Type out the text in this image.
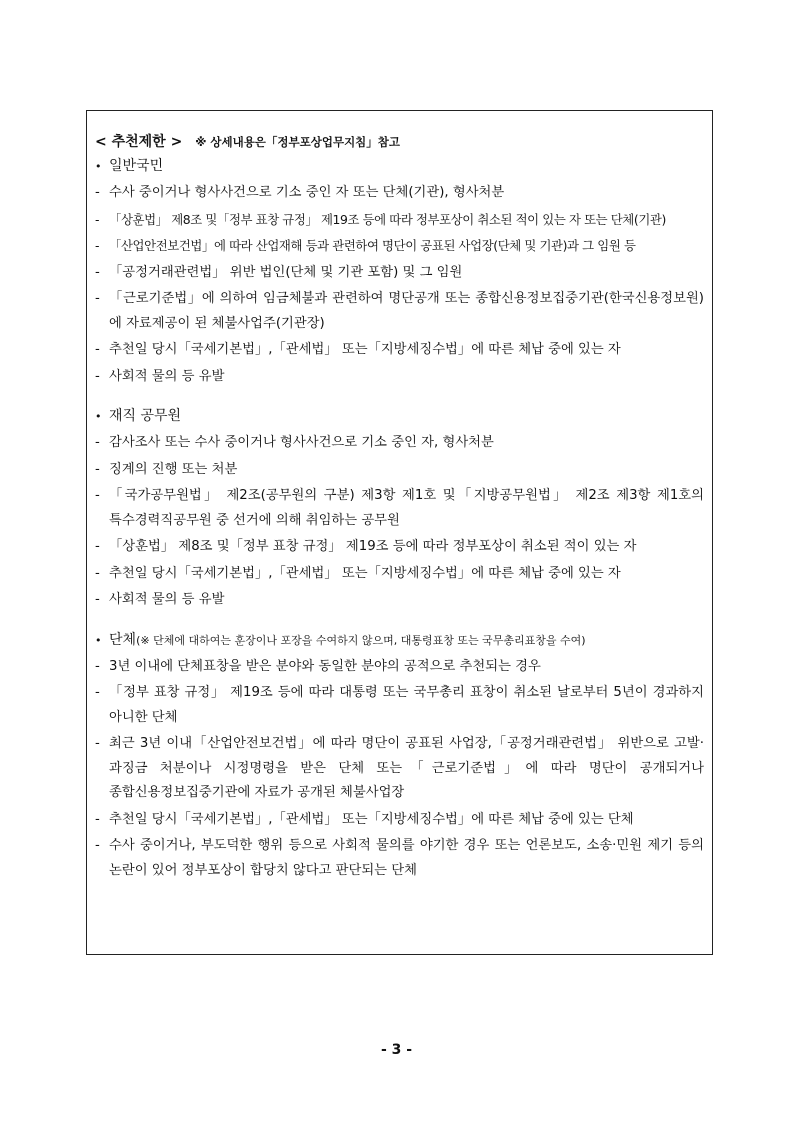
< 추천제한 > ※ 상세내용은「정부포상업무지침」참고
• 일반국민
- 수사 중이거나 형사사건으로 기소 중인 자 또는 단체(기관), 형사처분
- 「상훈법」 제8조 및「정부 표창 규정」 제19조 등에 따라 정부포상이 취소된 적이 있는 자 또는 단체(기관)
- 「산업안전보건법」에 따라 산업재해 등과 관련하여 명단이 공표된 사업장(단체 및 기관)과 그 임원 등
- 「공정거래관련법」 위반 법인(단체 및 기관 포함) 및 그 임원
- 「근로기준법」에 의하여 임금체불과 관련하여 명단공개 또는 종합신용정보집중기관(한국신용정보원)에 자료제공이 된 체불사업주(기관장)
- 추천일 당시「국세기본법」,「관세법」 또는「지방세징수법」에 따른 체납 중에 있는 자
- 사회적 물의 등 유발
• 재직 공무원
- 감사조사 또는 수사 중이거나 형사사건으로 기소 중인 자, 형사처분
- 징계의 진행 또는 처분
- 「국가공무원법」 제2조(공무원의 구분) 제3항 제1호 및「지방공무원법」 제2조 제3항 제1호의 특수경력직공무원 중 선거에 의해 취임하는 공무원
- 「상훈법」 제8조 및「정부 표창 규정」 제19조 등에 따라 정부포상이 취소된 적이 있는 자
- 추천일 당시「국세기본법」,「관세법」 또는「지방세징수법」에 따른 체납 중에 있는 자
- 사회적 물의 등 유발
• 단체(※ 단체에 대하여는 훈장이나 포장을 수여하지 않으며, 대통령표창 또는 국무총리표창을 수여)
- 3년 이내에 단체표창을 받은 분야와 동일한 분야의 공적으로 추천되는 경우
- 「정부 표창 규정」 제19조 등에 따라 대통령 또는 국무총리 표창이 취소된 날로부터 5년이 경과하지 아니한 단체
- 최근 3년 이내「산업안전보건법」에 따라 명단이 공표된 사업장,「공정거래관련법」 위반으로 고발·과징금 처분이나 시정명령을 받은 단체 또는「근로기준법」에 따라 명단이 공개되거나 종합신용정보집중기관에 자료가 공개된 체불사업장
- 추천일 당시「국세기본법」,「관세법」 또는「지방세징수법」에 따른 체납 중에 있는 단체
- 수사 중이거나, 부도덕한 행위 등으로 사회적 물의를 야기한 경우 또는 언론보도, 소송·민원 제기 등의 논란이 있어 정부포상이 합당치 않다고 판단되는 단체
- 3 -
